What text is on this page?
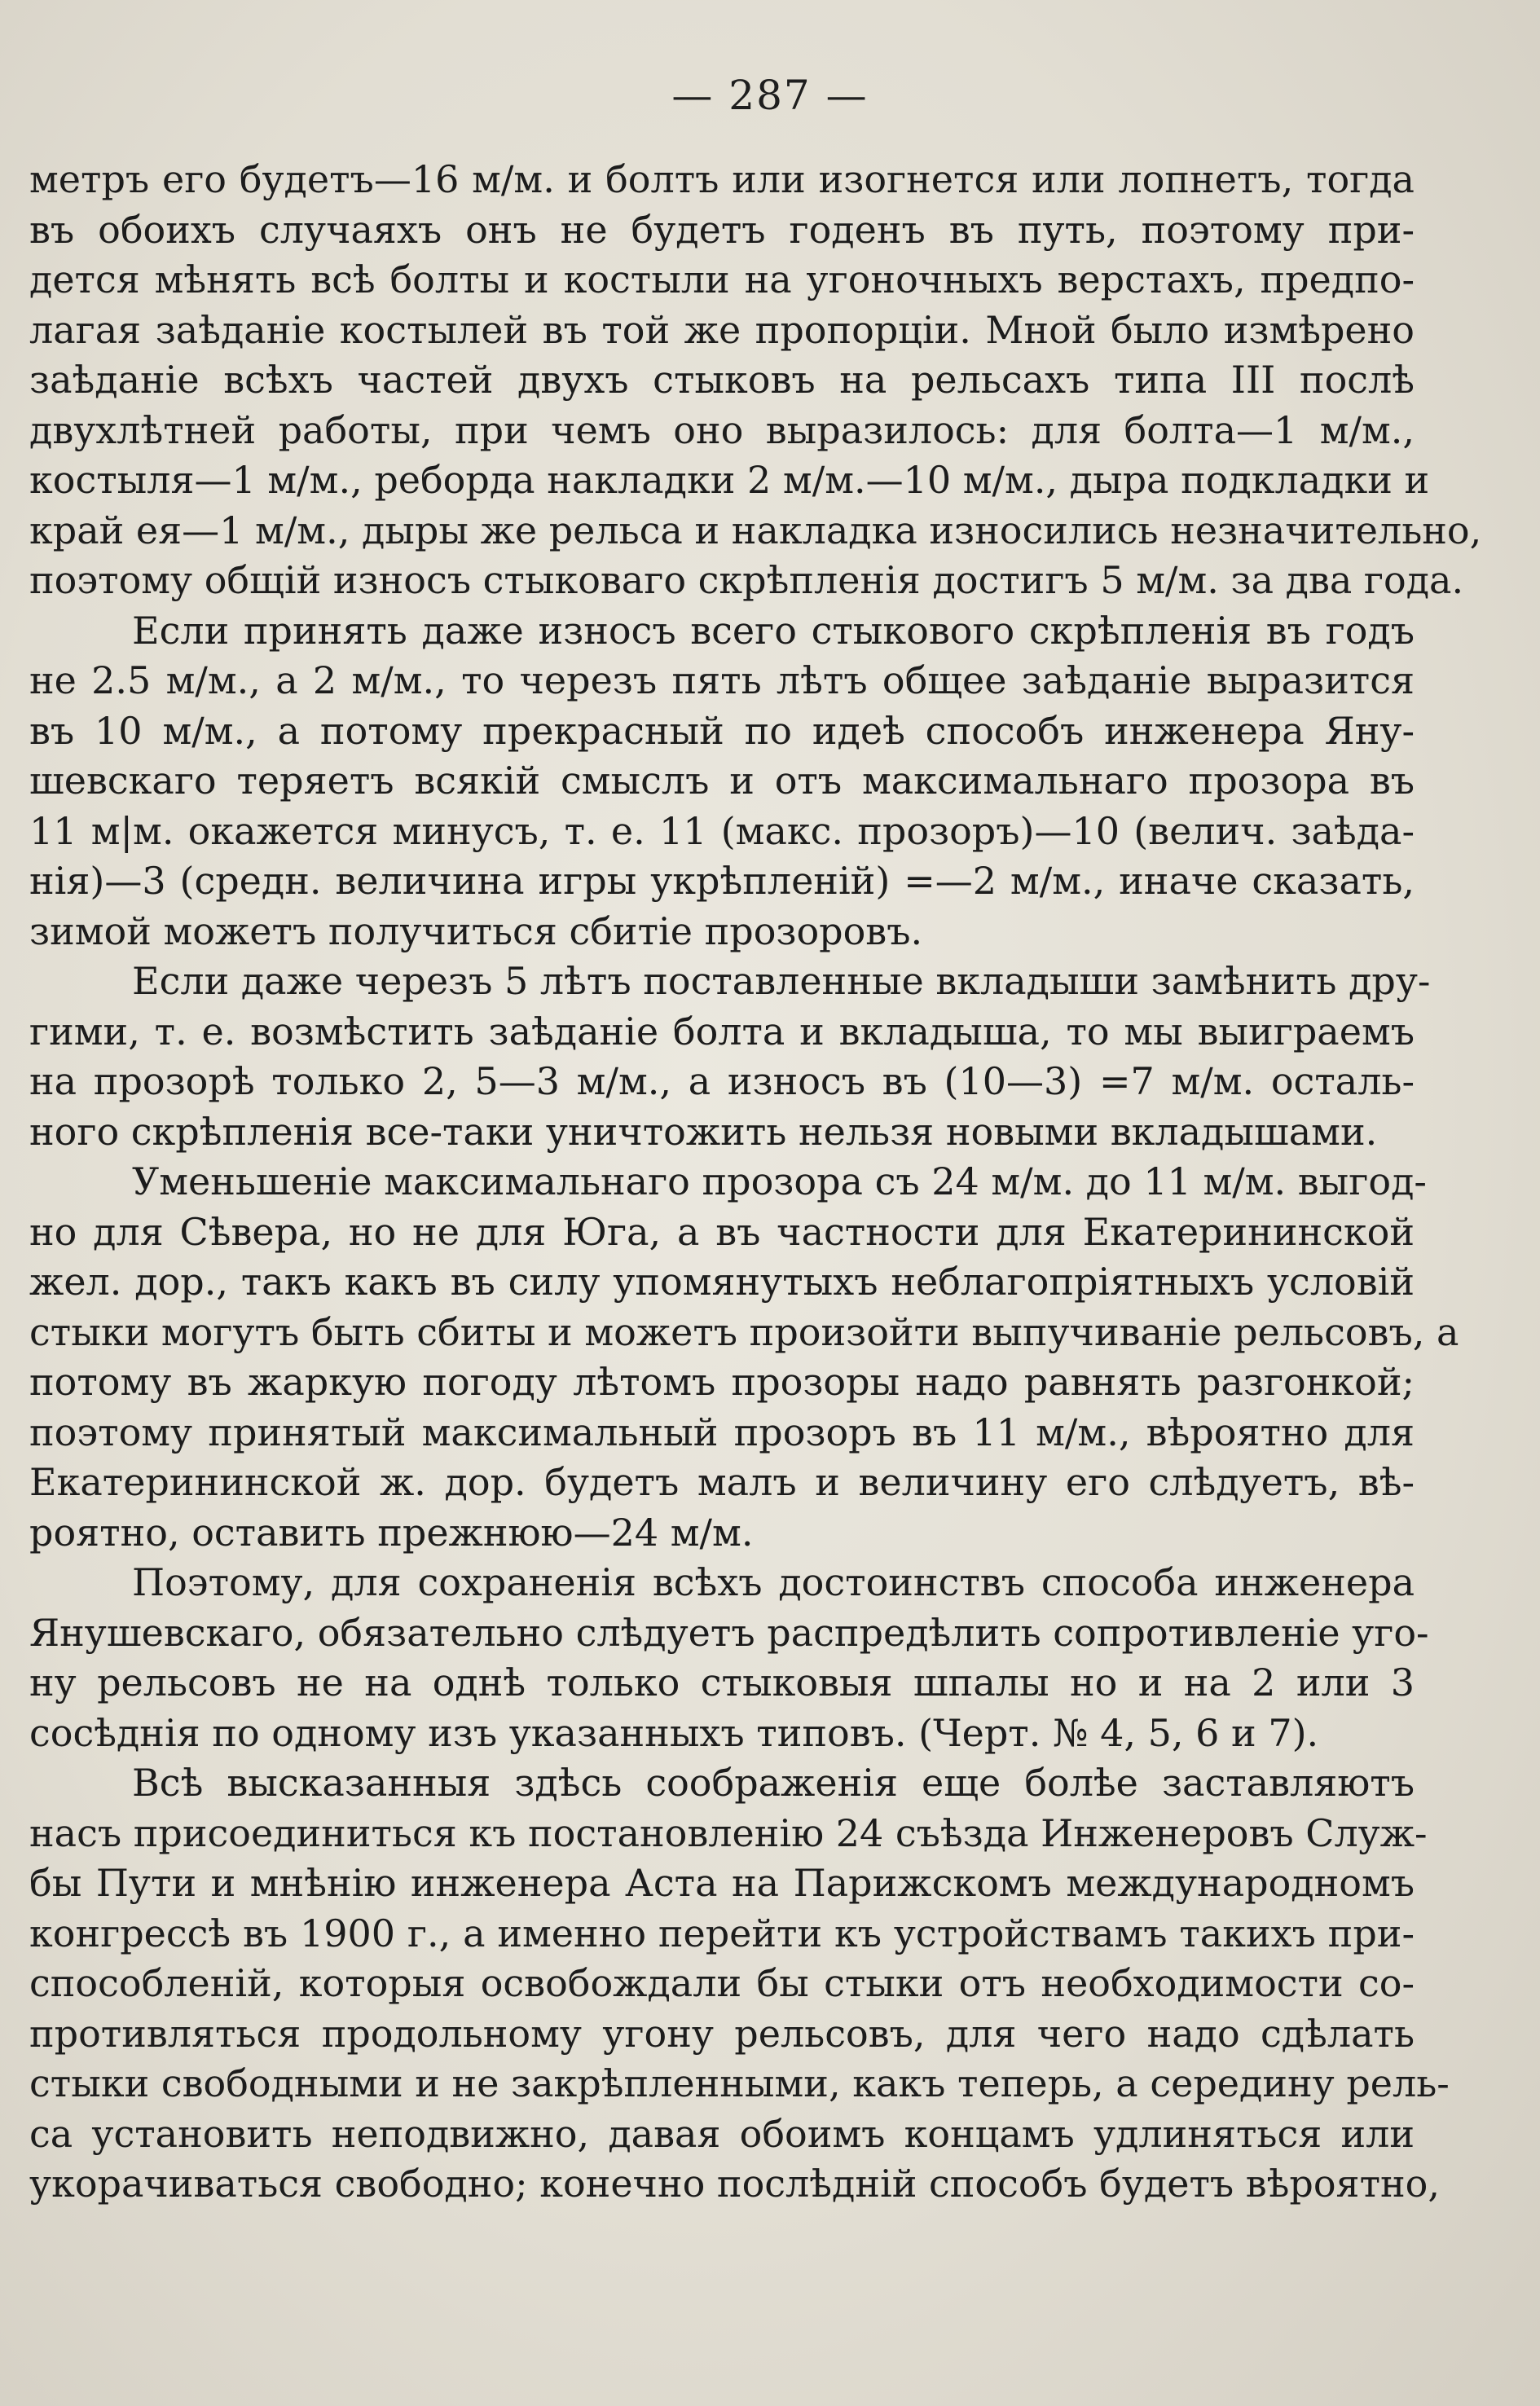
— 287 —
метръ его будетъ—16 м/м. и болтъ или изогнется или лопнетъ, тогда
въ обоихъ случаяхъ онъ не будетъ годенъ въ путь, поэтому при-
дется мѣнять всѣ болты и костыли на угоночныхъ верстахъ, предпо-
лагая заѣданіе костылей въ той же пропорціи. Мной было измѣрено
заѣданіе всѣхъ частей двухъ стыковъ на рельсахъ типа III послѣ
двухлѣтней работы, при чемъ оно выразилось: для болта—1 м/м.,
костыля—1 м/м., реборда накладки 2 м/м.—10 м/м., дыра подкладки и
край ея—1 м/м., дыры же рельса и накладка износились незначительно,
поэтому общій износъ стыковаго скрѣпленія достигъ 5 м/м. за два года.
Если принять даже износъ всего стыкового скрѣпленія въ годъ
не 2.5 м/м., а 2 м/м., то черезъ пять лѣтъ общее заѣданіе выразится
въ 10 м/м., а потому прекрасный по идеѣ способъ инженера Яну-
шевскаго теряетъ всякій смыслъ и отъ максимальнаго прозора въ
11 м|м. окажется минусъ, т. е. 11 (макс. прозоръ)—10 (велич. заѣда-
нія)—3 (средн. величина игры укрѣпленій) =—2 м/м., иначе сказать,
зимой можетъ получиться сбитіе прозоровъ.
Если даже черезъ 5 лѣтъ поставленные вкладыши замѣнить дру-
гими, т. е. возмѣстить заѣданіе болта и вкладыша, то мы выиграемъ
на прозорѣ только 2, 5—3 м/м., а износъ въ (10—3) =7 м/м. осталь-
ного скрѣпленія все-таки уничтожить нельзя новыми вкладышами.
Уменьшеніе максимальнаго прозора съ 24 м/м. до 11 м/м. выгод-
но для Сѣвера, но не для Юга, а въ частности для Екатерининской
жел. дор., такъ какъ въ силу упомянутыхъ неблагопріятныхъ условій
стыки могутъ быть сбиты и можетъ произойти выпучиваніе рельсовъ, а
потому въ жаркую погоду лѣтомъ прозоры надо равнять разгонкой;
поэтому принятый максимальный прозоръ въ 11 м/м., вѣроятно для
Екатерининской ж. дор. будетъ малъ и величину его слѣдуетъ, вѣ-
роятно, оставить прежнюю—24 м/м.
Поэтому, для сохраненія всѣхъ достоинствъ способа инженера
Янушевскаго, обязательно слѣдуетъ распредѣлить сопротивленіе уго-
ну рельсовъ не на однѣ только стыковыя шпалы но и на 2 или 3
сосѣднія по одному изъ указанныхъ типовъ. (Черт. № 4, 5, 6 и 7).
Всѣ высказанныя здѣсь соображенія еще болѣе заставляютъ
насъ присоединиться къ постановленію 24 съѣзда Инженеровъ Служ-
бы Пути и мнѣнію инженера Аста на Парижскомъ международномъ
конгрессѣ въ 1900 г., а именно перейти къ устройствамъ такихъ при-
способленій, которыя освобождали бы стыки отъ необходимости со-
противляться продольному угону рельсовъ, для чего надо сдѣлать
стыки свободными и не закрѣпленными, какъ теперь, а середину рель-
са установить неподвижно, давая обоимъ концамъ удлиняться или
укорачиваться свободно; конечно послѣдній способъ будетъ вѣроятно,
